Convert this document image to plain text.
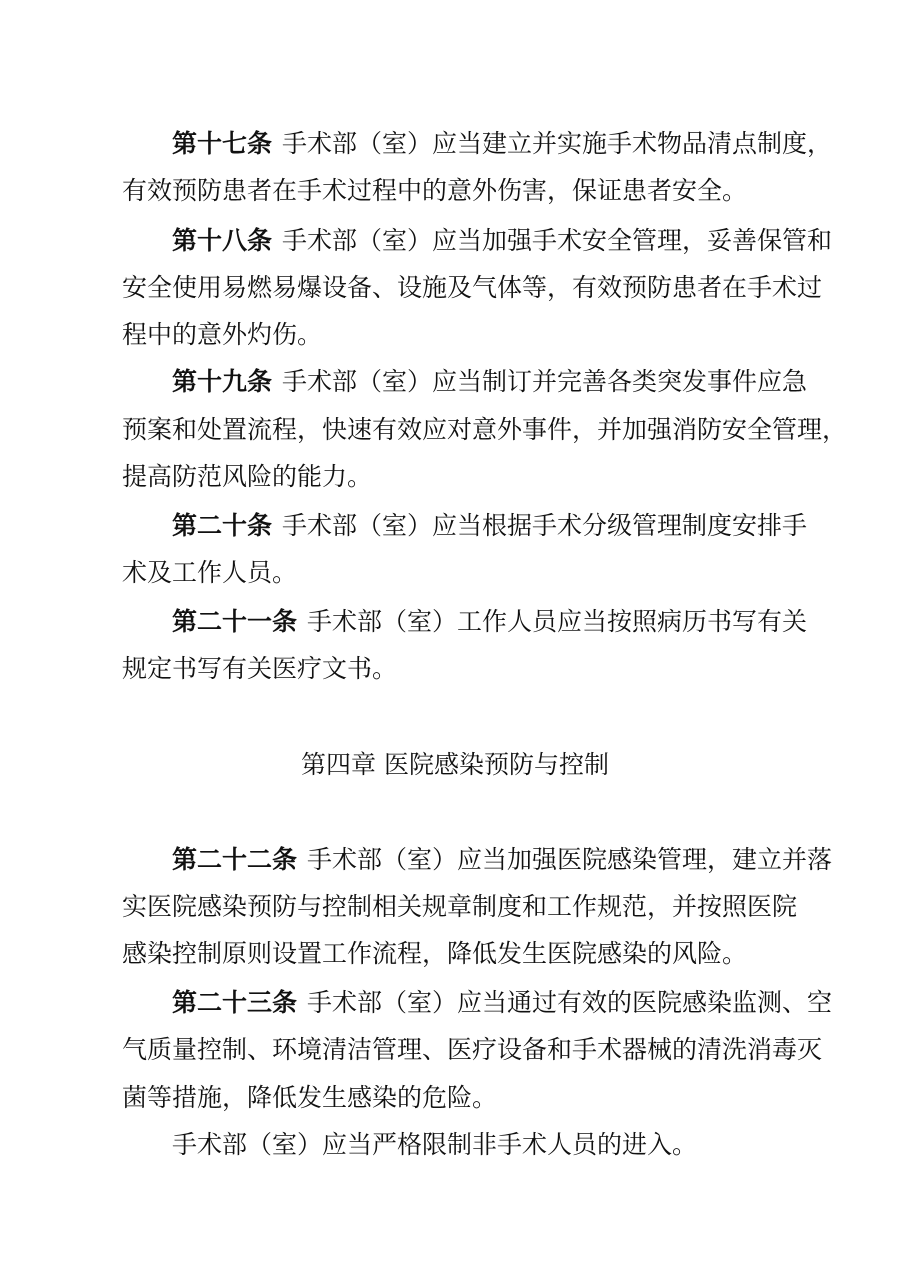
第十七条 手术部（室）应当建立并实施手术物品清点制度，
有效预防患者在手术过程中的意外伤害，保证患者安全。
第十八条 手术部（室）应当加强手术安全管理，妥善保管和
安全使用易燃易爆设备、设施及气体等，有效预防患者在手术过
程中的意外灼伤。
第十九条 手术部（室）应当制订并完善各类突发事件应急
预案和处置流程，快速有效应对意外事件，并加强消防安全管理，
提高防范风险的能力。
第二十条 手术部（室）应当根据手术分级管理制度安排手
术及工作人员。
第二十一条 手术部（室）工作人员应当按照病历书写有关
规定书写有关医疗文书。
第四章 医院感染预防与控制
第二十二条 手术部（室）应当加强医院感染管理，建立并落
实医院感染预防与控制相关规章制度和工作规范，并按照医院
感染控制原则设置工作流程，降低发生医院感染的风险。
第二十三条 手术部（室）应当通过有效的医院感染监测、空
气质量控制、环境清洁管理、医疗设备和手术器械的清洗消毒灭
菌等措施，降低发生感染的危险。
手术部（室）应当严格限制非手术人员的进入。
